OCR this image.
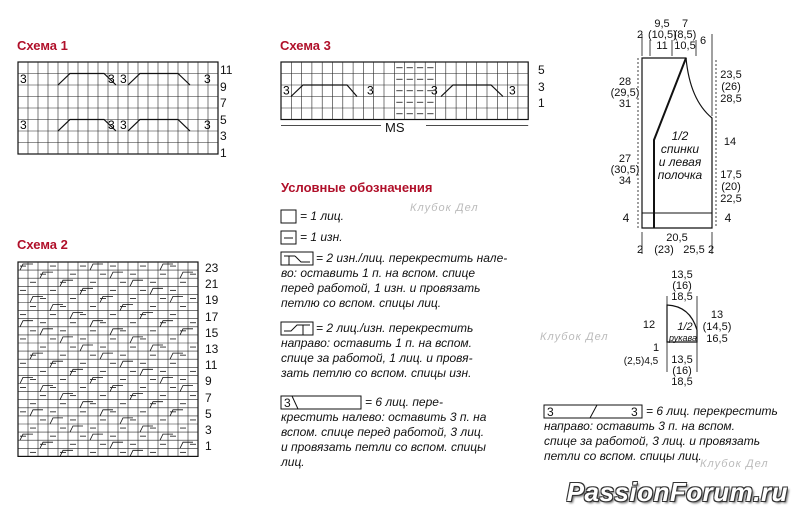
Схема 1
3	3 3	3
3	3 3	3
11
9
7
5
3
1
Схема 2
23
21
19
17
15
13
11
9
7
5
3
1
Схема 3
3	3	3	3
5
3
1
MS
Условные обозначения
3
3	3
= 1 лиц.
= 1 изн.
= 2 изн./лиц. перекрестить нале-
во: оставить 1 п. на вспом. спице
перед работой, 1 изн. и провязать
петлю со вспом. спицы лиц.
= 2 лиц./изн. перекрестить
направо: оставить 1 п. на вспом.
спице за работой, 1 лиц. и провя-
зать петлю со вспом. спицы изн.
= 6 лиц. пере-
крестить налево: оставить 3 п. на
вспом. спице перед работой, 3 лиц.
и провязать петли со вспом. спицы
лиц.
= 6 лиц. перекрестить
направо: оставить 3 п. на вспом.
спице за работой, 3 лиц. и провязать
петли со вспом. спицы лиц.
2
9,5
(10,5)
11
7
(8,5)
10,5 6
28
(29,5)
31
27
(30,5)
34
23,5
(26)
28,5
14
17,5
(20)
22,5
4	4
1/2
спинки
и левая
полочка
2
20,5
(23) 25,5 2
13,5
(16)
18,5
12
1
(2,5)4,5
13
(14,5)
16,5
1/2
рукава
13,5
(16)
18,5
Клубок Дел
Клубок Дел
Клубок Дел
PassionForum.ru
